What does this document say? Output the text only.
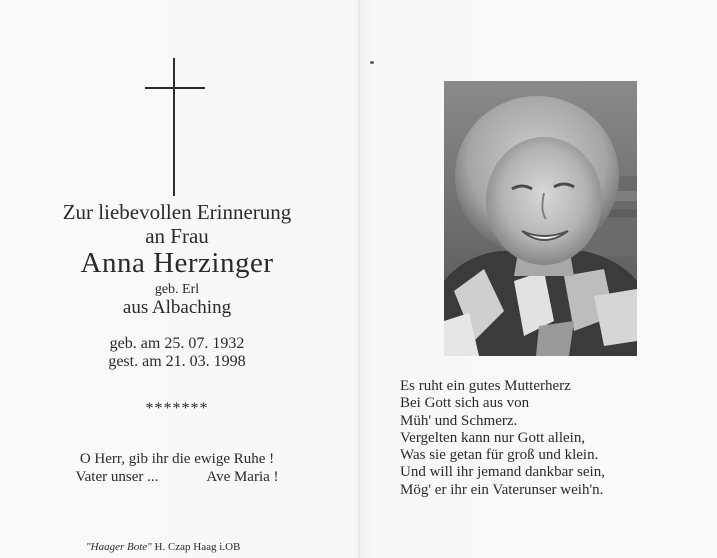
Zur liebevollen Erinnerung
an Frau
Anna Herzinger
geb. Erl
aus Albaching
geb. am 25. 07. 1932
gest. am 21. 03. 1998
*******
O Herr, gib ihr die ewige Ruhe !
Vater unser ...	Ave Maria !
"Haager Bote" H. Czap Haag i.OB
Es ruht ein gutes Mutterherz
Bei Gott sich aus von
Müh' und Schmerz.
Vergelten kann nur Gott allein,
Was sie getan für groß und klein.
Und will ihr jemand dankbar sein,
Mög' er ihr ein Vaterunser weih'n.
